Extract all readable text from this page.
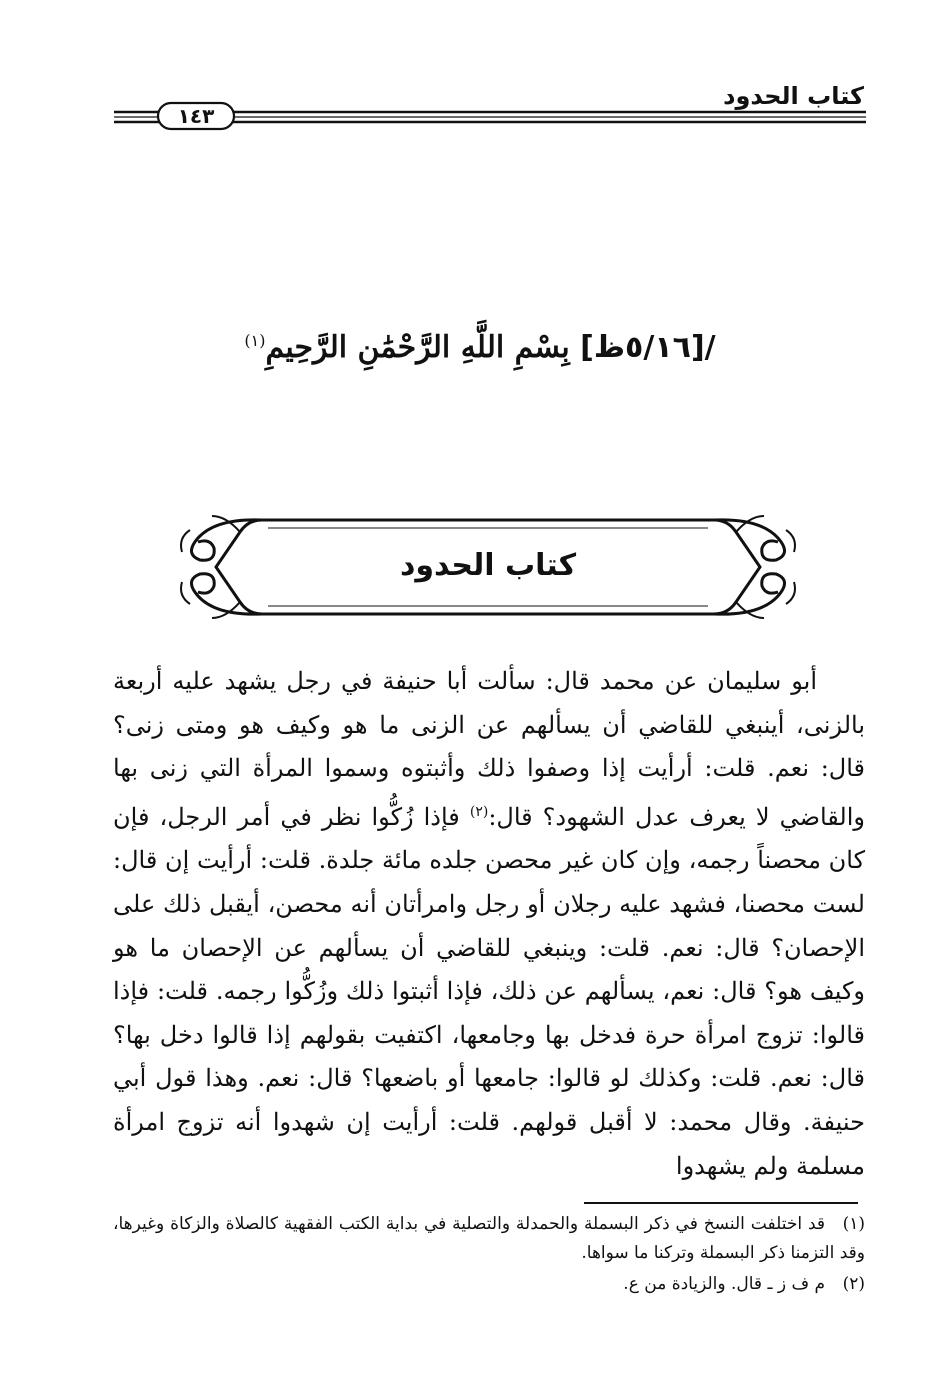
كتاب الحدود
١٤٣
/[٥/١٦ظ] بِسْمِ اللَّهِ الرَّحْمَٰنِ الرَّحِيمِ$^{(١)}$
كتاب الحدود
أبو سليمان عن محمد قال: سألت أبا حنيفة في رجل يشهد عليه أربعة بالزنى، أينبغي للقاضي أن يسألهم عن الزنى ما هو وكيف هو ومتى زنى؟ قال: نعم. قلت: أرأيت إذا وصفوا ذلك وأثبتوه وسموا المرأة التي زنى بها والقاضي لا يعرف عدل الشهود؟ قال:$^{(٢)}$ فإذا زُكُّوا نظر في أمر الرجل، فإن كان محصناً رجمه، وإن كان غير محصن جلده مائة جلدة. قلت: أرأيت إن قال: لست محصنا، فشهد عليه رجلان أو رجل وامرأتان أنه محصن، أيقبل ذلك على الإحصان؟ قال: نعم. قلت: وينبغي للقاضي أن يسألهم عن الإحصان ما هو وكيف هو؟ قال: نعم، يسألهم عن ذلك، فإذا أثبتوا ذلك وزُكُّوا رجمه. قلت: فإذا قالوا: تزوج امرأة حرة فدخل بها وجامعها، اكتفيت بقولهم إذا قالوا دخل بها؟ قال: نعم. قلت: وكذلك لو قالوا: جامعها أو باضعها؟ قال: نعم. وهذا قول أبي حنيفة. وقال محمد: لا أقبل قولهم. قلت: أرأيت إن شهدوا أنه تزوج امرأة مسلمة ولم يشهدوا

(١)قد اختلفت النسخ في ذكر البسملة والحمدلة والتصلية في بداية الكتب الفقهية كالصلاة والزكاة وغيرها، وقد التزمنا ذكر البسملة وتركنا ما سواها.

(٢)م ف ز ـ قال. والزيادة من ع.
